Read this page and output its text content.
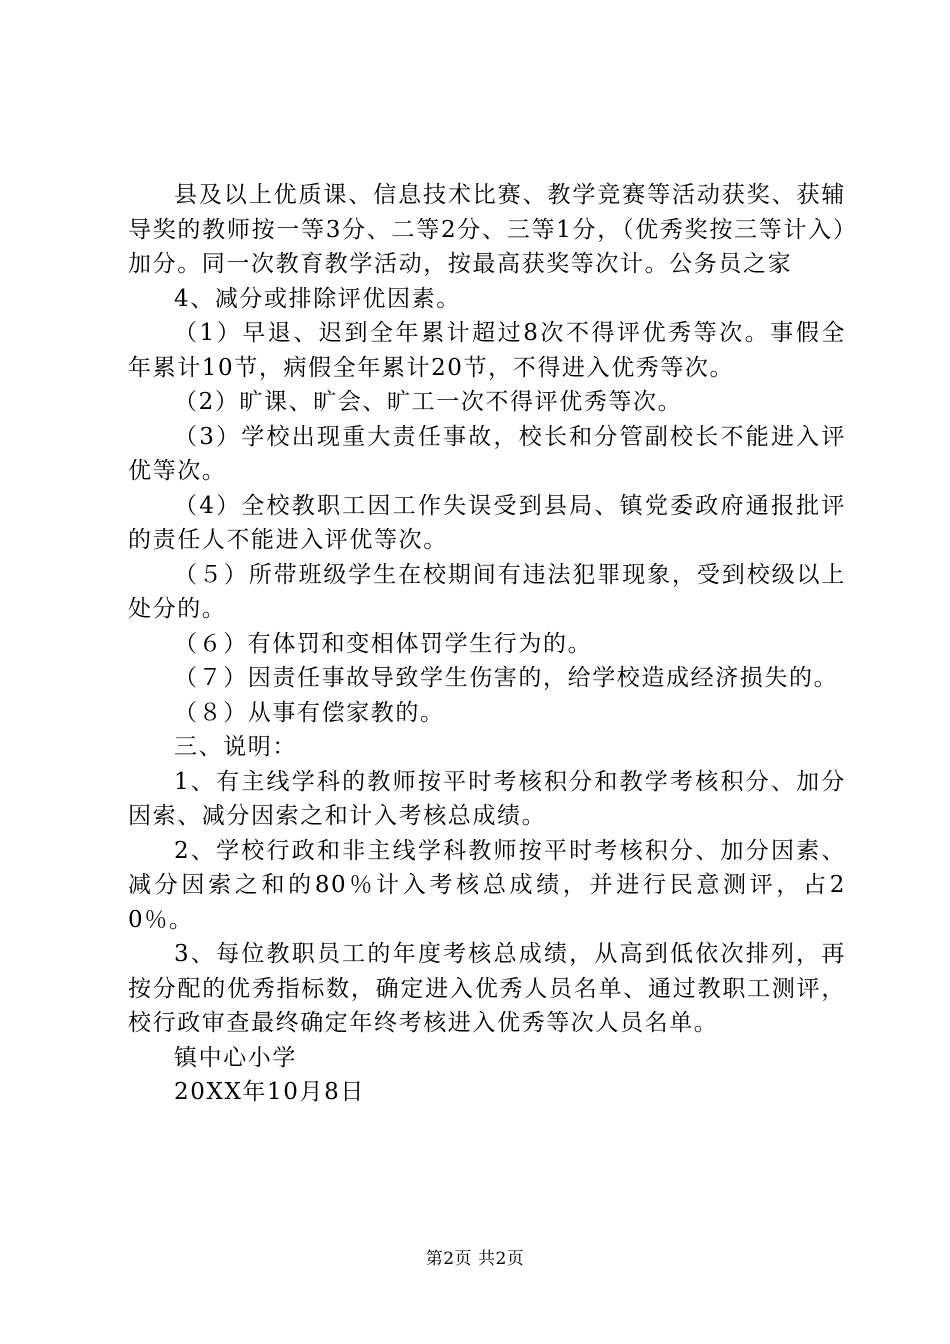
县及以上优质课、信息技术比赛、教学竞赛等活动获奖、获辅导奖的教师按一等3分、二等2分、三等1分，（优秀奖按三等计入）加分。同一次教育教学活动，按最高获奖等次计。公务员之家

4、减分或排除评优因素。

（1）早退、迟到全年累计超过8次不得评优秀等次。事假全年累计10节，病假全年累计20节，不得进入优秀等次。

（2）旷课、旷会、旷工一次不得评优秀等次。

（3）学校出现重大责任事故，校长和分管副校长不能进入评优等次。

（4）全校教职工因工作失误受到县局、镇党委政府通报批评的责任人不能进入评优等次。

（５）所带班级学生在校期间有违法犯罪现象，受到校级以上处分的。

（６）有体罚和变相体罚学生行为的。

（７）因责任事故导致学生伤害的，给学校造成经济损失的。

（８）从事有偿家教的。

三、说明：

1、有主线学科的教师按平时考核积分和教学考核积分、加分因索、减分因索之和计入考核总成绩。

2、学校行政和非主线学科教师按平时考核积分、加分因素、减分因索之和的80％计入考核总成绩，并进行民意测评，占20％。

3、每位教职员工的年度考核总成绩，从高到低依次排列，再按分配的优秀指标数，确定进入优秀人员名单、通过教职工测评，校行政审查最终确定年终考核进入优秀等次人员名单。

镇中心小学

20XX年10月8日

第2页 共2页
